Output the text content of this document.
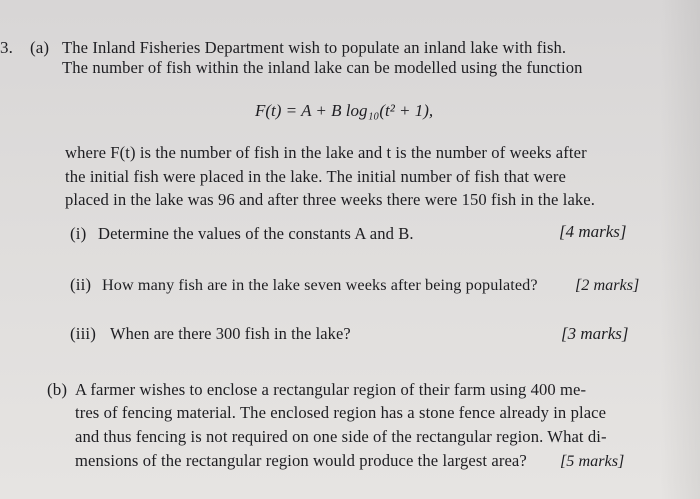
3. (a) The Inland Fisheries Department wish to populate an inland lake with fish.
The number of fish within the inland lake can be modelled using the function
F(t) = A + B log₁₀(t² + 1),
where F(t) is the number of fish in the lake and t is the number of weeks after
the initial fish were placed in the lake. The initial number of fish that were
placed in the lake was 96 and after three weeks there were 150 fish in the lake.
(i) Determine the values of the constants A and B.	[4 marks]
(ii) How many fish are in the lake seven weeks after being populated? [2 marks]
(iii) When are there 300 fish in the lake?	[3 marks]
(b) A farmer wishes to enclose a rectangular region of their farm using 400 me-
tres of fencing material. The enclosed region has a stone fence already in place
and thus fencing is not required on one side of the rectangular region. What di-
mensions of the rectangular region would produce the largest area? [5 marks]
